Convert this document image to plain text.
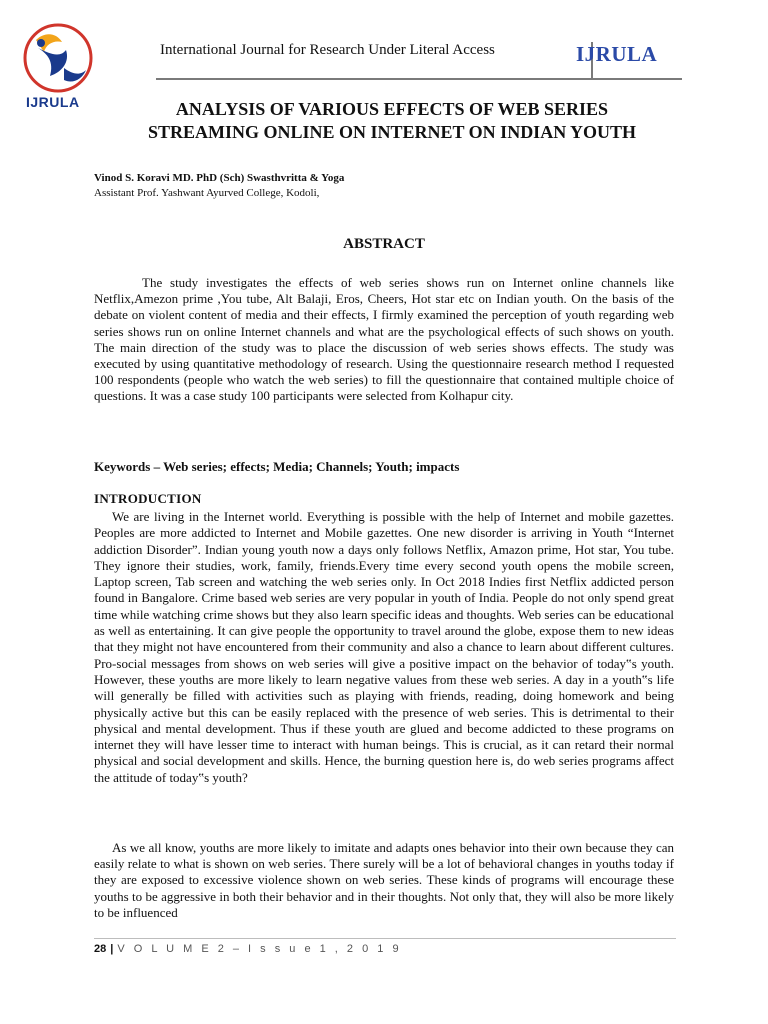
IJRULA
International Journal for Research Under Literal Access	IJRULA
ANALYSIS OF VARIOUS EFFECTS OF WEB SERIES
STREAMING ONLINE ON INTERNET ON INDIAN YOUTH
Vinod S. Koravi MD. PhD (Sch) Swasthvritta & Yoga
Assistant Prof. Yashwant Ayurved College, Kodoli,
ABSTRACT

The study investigates the effects of web series shows run on Internet online channels like Netflix,Amezon prime ,You tube, Alt Balaji, Eros, Cheers, Hot star etc on Indian youth. On the basis of the debate on violent content of media and their effects, I firmly examined the perception of youth regarding web series shows run on online Internet channels and what are the psychological effects of such shows on youth. The main direction of the study was to place the discussion of web series shows effects. The study was executed by using quantitative methodology of research. Using the questionnaire research method I requested 100 respondents (people who watch the web series) to fill the questionnaire that contained multiple choice of questions. It was a case study 100 participants were selected from Kolhapur city.

Keywords – Web series; effects; Media; Channels; Youth; impacts
INTRODUCTION

We are living in the Internet world. Everything is possible with the help of Internet and mobile gazettes. Peoples are more addicted to Internet and Mobile gazettes. One new disorder is arriving in Youth “Internet addiction Disorder”. Indian young youth now a days only follows Netflix, Amazon prime, Hot star, You tube. They ignore their studies, work, family, friends.Every time every second youth opens the mobile screen, Laptop screen, Tab screen and watching the web series only. In Oct 2018 Indies first Netflix addicted person found in Bangalore. Crime based web series are very popular in youth of India. People do not only spend great time while watching crime shows but they also learn specific ideas and thoughts. Web series can be educational as well as entertaining. It can give people the opportunity to travel around the globe, expose them to new ideas that they might not have encountered from their community and also a chance to learn about different cultures. Pro-social messages from shows on web series will give a positive impact on the behavior of today‟s youth. However, these youths are more likely to learn negative values from these web series. A day in a youth‟s life will generally be filled with activities such as playing with friends, reading, doing homework and being physically active but this can be easily replaced with the presence of web series. This is detrimental to their physical and mental development. Thus if these youth are glued and become addicted to these programs on internet they will have lesser time to interact with human beings. This is crucial, as it can retard their normal physical and social development and skills. Hence, the burning question here is, do web series programs affect the attitude of today‟s youth?

As we all know, youths are more likely to imitate and adapts ones behavior into their own because they can easily relate to what is shown on web series. There surely will be a lot of behavioral changes in youths today if they are exposed to excessive violence shown on web series. These kinds of programs will encourage these youths to be aggressive in both their behavior and in their thoughts. Not only that, they will also be more likely to be influenced

28 | V O L U M E 2 – I s s u e 1 , 2 0 1 9
